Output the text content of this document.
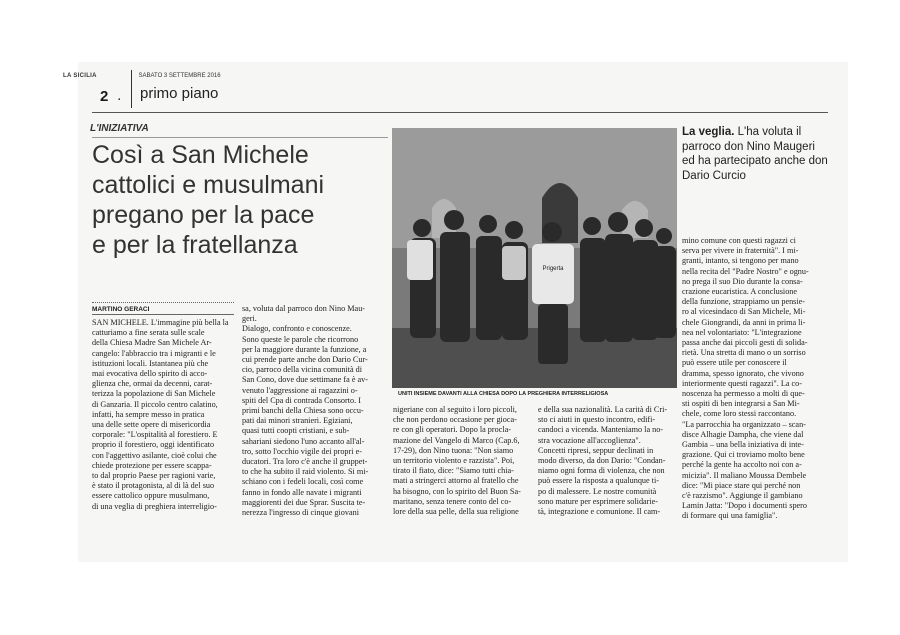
LA SICILIA	SABATO 3 SETTEMBRE 2016
2 . primo piano
L'INIZIATIVA
Così a San Michele
cattolici e musulmani
pregano per la pace
e per la fratellanza
MARTINO GERACI

SAN MICHELE. L'immagine più bella la

catturiamo a fine serata sulle scale

della Chiesa Madre San Michele Ar-

cangelo: l'abbraccio tra i migranti e le

istituzioni locali. Istantanea più che

mai evocativa dello spirito di acco-

glienza che, ormai da decenni, carat-

terizza la popolazione di San Michele

di Ganzaria. Il piccolo centro calatino,

infatti, ha sempre messo in pratica

una delle sette opere di misericordia

corporale: "L'ospitalità al forestiero. E

proprio il forestiero, oggi identificato

con l'aggettivo asilante, cioè colui che

chiede protezione per essere scappa-

to dal proprio Paese per ragioni varie,

è stato il protagonista, al di là del suo

essere cattolico oppure musulmano,

di una veglia di preghiera interreligio-

sa, voluta dal parroco don Nino Mau-

geri.

Dialogo, confronto e conoscenze.

Sono queste le parole che ricorrono

per la maggiore durante la funzione, a

cui prende parte anche don Dario Cur-

cio, parroco della vicina comunità di

San Cono, dove due settimane fa è av-

venuto l'aggressione ai ragazzini o-

spiti del Cpa di contrada Consorto. I

primi banchi della Chiesa sono occu-

pati dai minori stranieri. Egiziani,

quasi tutti coopti cristiani, e sub-

sahariani siedono l'uno accanto all'al-

tro, sotto l'occhio vigile dei propri e-

ducatori. Tra loro c'è anche il gruppet-

to che ha subito il raid violento. Si mi-

schiano con i fedeli locali, così come

fanno in fondo alle navate i migranti

maggiorenti dei due Sprar. Suscita te-

nerezza l'ingresso di cinque giovani

nigeriane con al seguito i loro piccoli,

che non perdono occasione per gioca-

re con gli operatori. Dopo la procla-

mazione del Vangelo di Marco (Cap.6,

17-29), don Nino tuona: "Non siamo

un territorio violento e razzista". Poi,

tirato il fiato, dice: "Siamo tutti chia-

mati a stringerci attorno al fratello che

ha bisogno, con lo spirito del Buon Sa-

maritano, senza tenere conto del co-

lore della sua pelle, della sua religione

e della sua nazionalità. La carità di Cri-

sto ci aiuti in questo incontro, edifi-

candoci a vicenda. Manteniamo la no-

stra vocazione all'accoglienza".

Concetti ripresi, seppur declinati in

modo diverso, da don Dario: "Condan-

niamo ogni forma di violenza, che non

può essere la risposta a qualunque ti-

po di malessere. Le nostre comunità

sono mature per esprimere solidarie-

tà, integrazione e comunione. Il cam-

mino comune con questi ragazzi ci

serva per vivere in fraternità". I mi-

granti, intanto, si tengono per mano

nella recita del "Padre Nostro" e ognu-

no prega il suo Dio durante la consa-

crazione eucaristica. A conclusione

della funzione, strappiamo un pensie-

ro al vicesindaco di San Michele, Mi-

chele Giongrandi, da anni in prima li-

nea nel volontariato: "L'integrazione

passa anche dai piccoli gesti di solida-

rietà. Una stretta di mano o un sorriso

può essere utile per conoscere il

dramma, spesso ignorato, che vivono

interiormente questi ragazzi". La co-

noscenza ha permesso a molti di que-

sti ospiti di ben integrarsi a San Mi-

chele, come loro stessi raccontano.

"La parrocchia ha organizzato – scan-

disce Alhagie Dampha, che viene dal

Gambia – una bella iniziativa di inte-

grazione. Qui ci troviamo molto bene

perché la gente ha accolto noi con a-

micizia". Il maliano Moussa Dembele

dice: "Mi piace stare qui perché non

c'è razzismo". Aggiunge il gambiano

Lamin Jatta: "Dopo i documenti spero

di formare qui una famiglia".

Prigerta
UNITI INSIEME DAVANTI ALLA CHIESA DOPO LA PREGHIERA INTERRELIGIOSA
La veglia. L'ha voluta il parroco don Nino Maugeri ed ha partecipato anche don Dario Curcio
